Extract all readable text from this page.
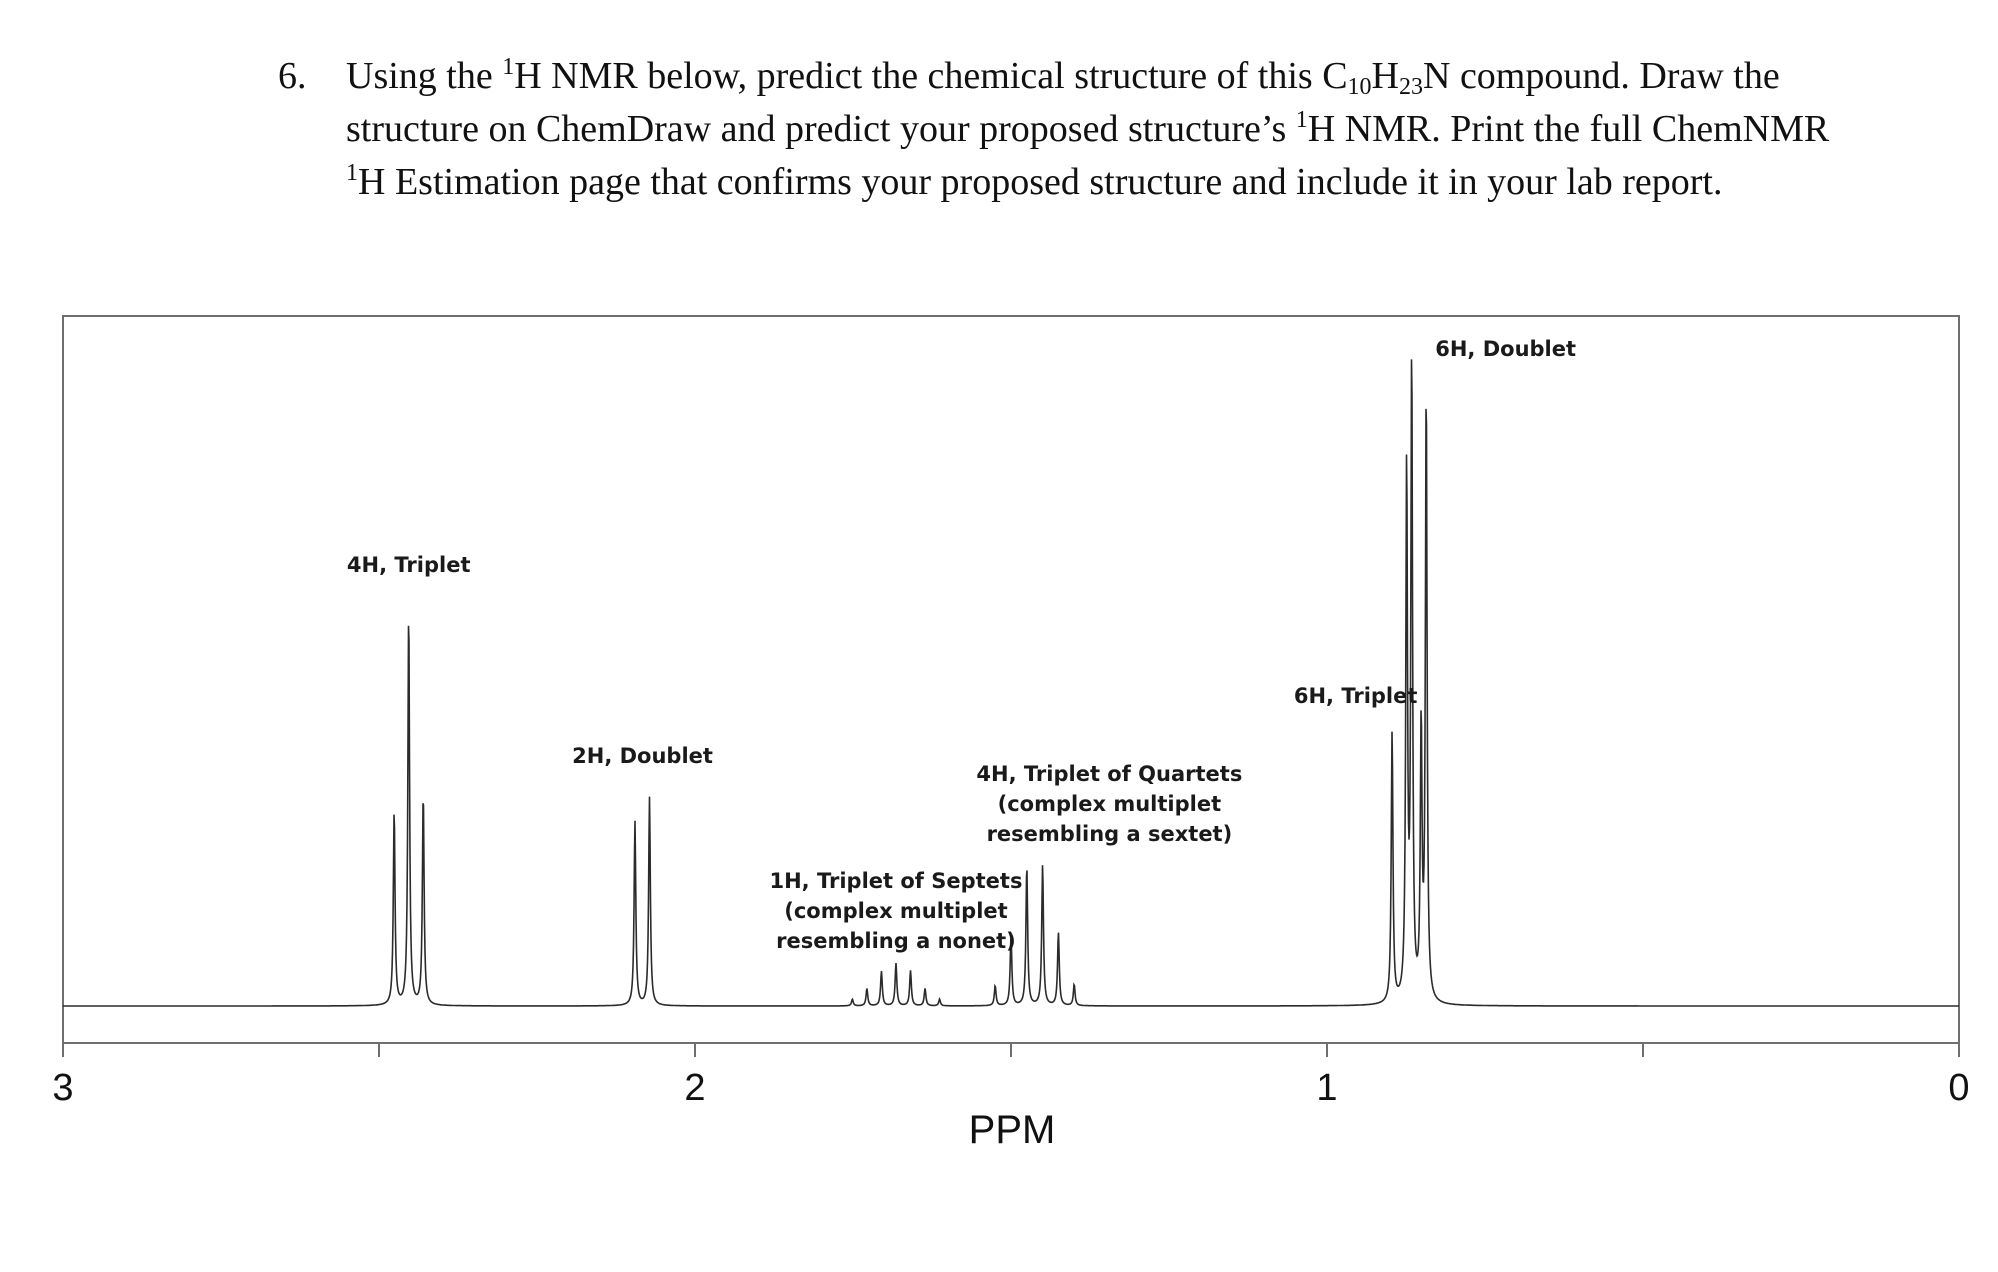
6. Using the $^1$H NMR below, predict the chemical structure of this $C_{10}H_{23}N$ compound. Draw the
structure on ChemDraw and predict your proposed structure’s $^1$H NMR. Print the full ChemNMR
$^1$H Estimation page that confirms your proposed structure and include it in your lab report.
3	2	1	0
4H, Triplet
2H, Doublet
1H, Triplet of Septets
(complex multiplet
resembling a nonet)
4H, Triplet of Quartets
(complex multiplet
resembling a sextet)
6H, Triplet
6H, Doublet
PPM
